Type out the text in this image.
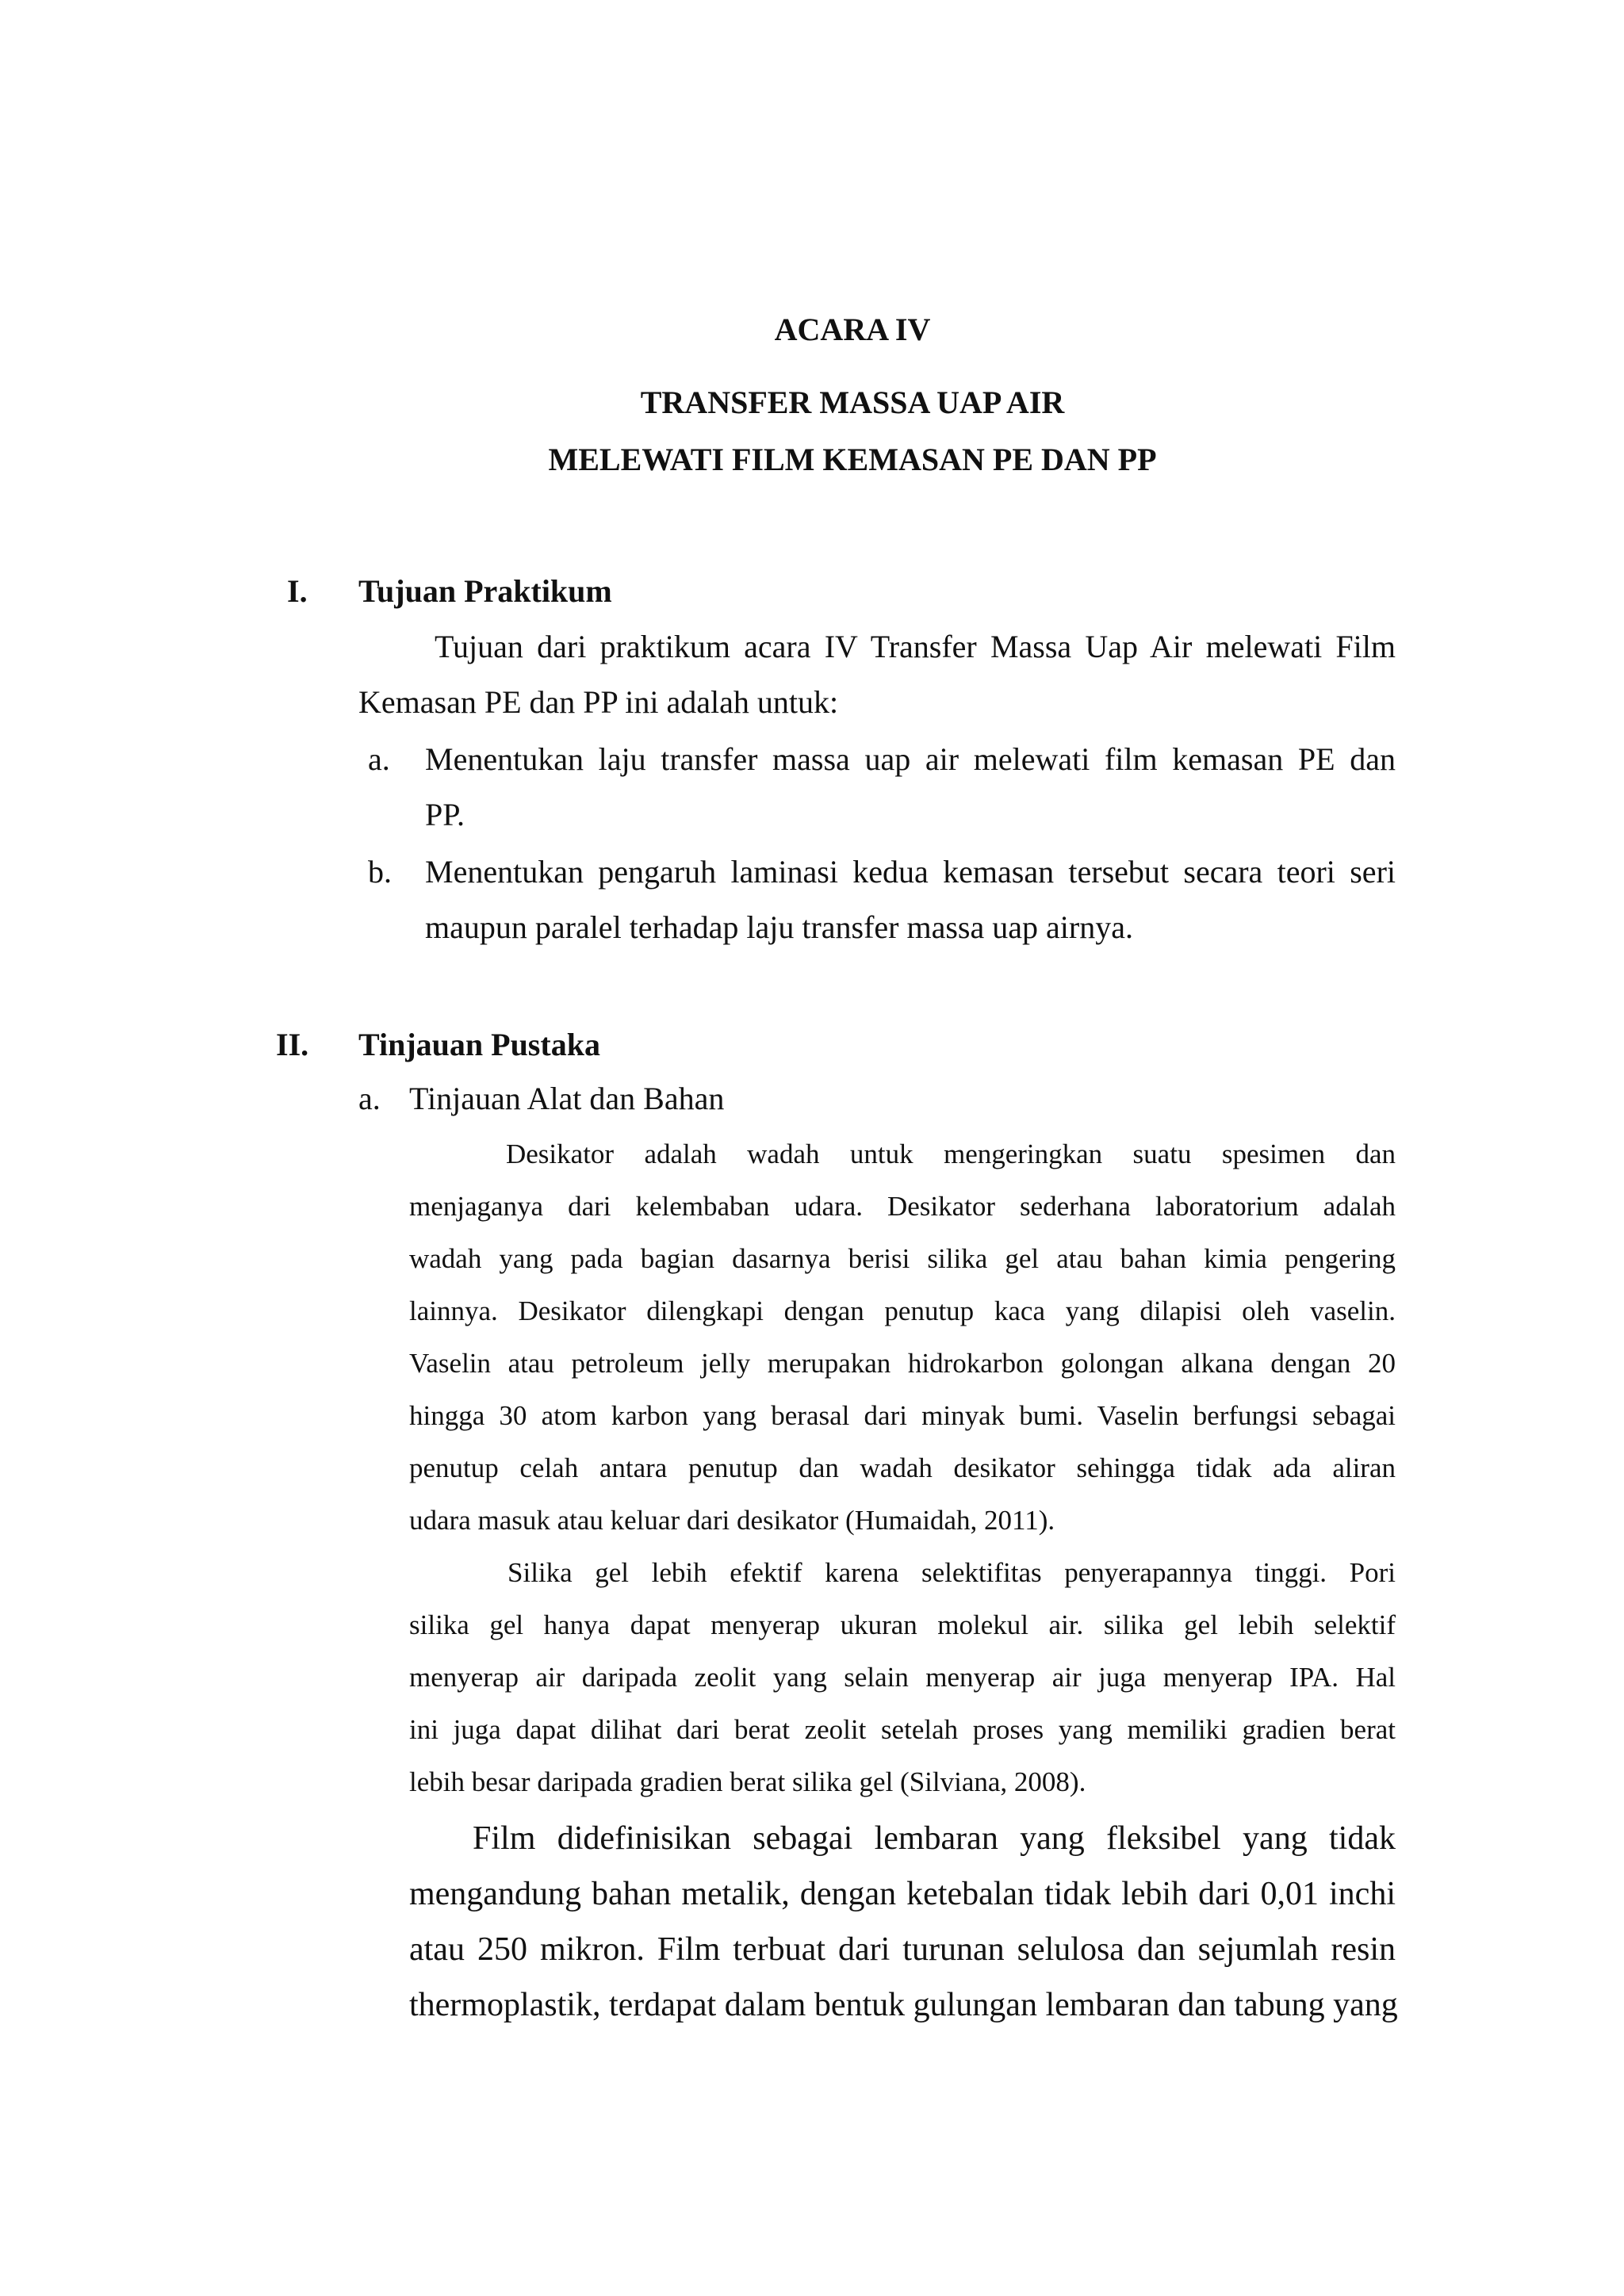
ACARA IV
TRANSFER MASSA UAP AIR
MELEWATI FILM KEMASAN PE DAN PP
I. Tujuan Praktikum
Tujuan dari praktikum acara IV Transfer Massa Uap Air melewati Film
Kemasan PE dan PP ini adalah untuk:
a. Menentukan laju transfer massa uap air melewati film kemasan PE dan
PP.
b. Menentukan pengaruh laminasi kedua kemasan tersebut secara teori seri
maupun paralel terhadap laju transfer massa uap airnya.
II. Tinjauan Pustaka
a. Tinjauan Alat dan Bahan
Desikator adalah wadah untuk mengeringkan suatu spesimen dan
menjaganya dari kelembaban udara. Desikator sederhana laboratorium adalah
wadah yang pada bagian dasarnya berisi silika gel atau bahan kimia pengering
lainnya. Desikator dilengkapi dengan penutup kaca yang dilapisi oleh vaselin.
Vaselin atau petroleum jelly merupakan hidrokarbon golongan alkana dengan 20
hingga 30 atom karbon yang berasal dari minyak bumi. Vaselin berfungsi sebagai
penutup celah antara penutup dan wadah desikator sehingga tidak ada aliran
udara masuk atau keluar dari desikator (Humaidah, 2011).
Silika gel lebih efektif karena selektifitas penyerapannya tinggi. Pori
silika gel hanya dapat menyerap ukuran molekul air. silika gel lebih selektif
menyerap air daripada zeolit yang selain menyerap air juga menyerap IPA. Hal
ini juga dapat dilihat dari berat zeolit setelah proses yang memiliki gradien berat
lebih besar daripada gradien berat silika gel (Silviana, 2008).
Film didefinisikan sebagai lembaran yang fleksibel yang tidak
mengandung bahan metalik, dengan ketebalan tidak lebih dari 0,01 inchi
atau 250 mikron. Film terbuat dari turunan selulosa dan sejumlah resin
thermoplastik, terdapat dalam bentuk gulungan lembaran dan tabung yang
